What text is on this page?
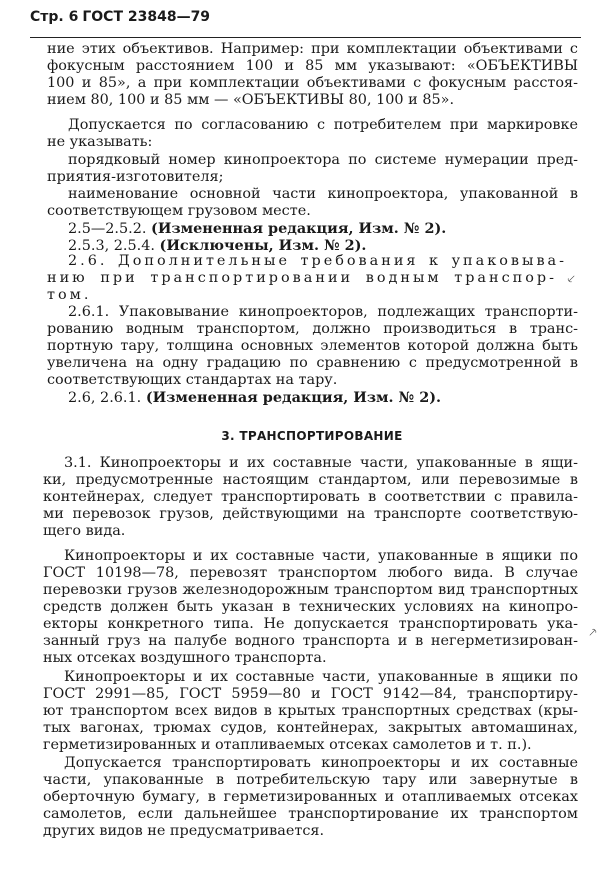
Стр. 6 ГОСТ 23848—79
ние этих объективов. Например: при комплектации объективами с
фокусным расстоянием 100 и 85 мм указывают: «ОБЪЕКТИВЫ
100 и 85», а при комплектации объективами с фокусным расстоя-
нием 80, 100 и 85 мм — «ОБЪЕКТИВЫ 80, 100 и 85».
Допускается по согласованию с потребителем при маркировке
не указывать:
порядковый номер кинопроектора по системе нумерации пред-
приятия-изготовителя;
наименование основной части кинопроектора, упакованной в
соответствующем грузовом месте.
2.5—2.5.2. (Измененная редакция, Изм. № 2).
2.5.3, 2.5.4. (Исключены, Изм. № 2).
2.6. Дополнительные требования к упаковыва-
нию при транспортировании водным транспор-
том.
2.6.1. Упаковывание кинопроекторов, подлежащих транспорти-
рованию водным транспортом, должно производиться в транс-
портную тару, толщина основных элементов которой должна быть
увеличена на одну градацию по сравнению с предусмотренной в
соответствующих стандартах на тару.
2.6, 2.6.1. (Измененная редакция, Изм. № 2).
3. ТРАНСПОРТИРОВАНИЕ
3.1. Кинопроекторы и их составные части, упакованные в ящи-
ки, предусмотренные настоящим стандартом, или перевозимые в
контейнерах, следует транспортировать в соответствии с правила-
ми перевозок грузов, действующими на транспорте соответствую-
щего вида.
Кинопроекторы и их составные части, упакованные в ящики по
ГОСТ 10198—78, перевозят транспортом любого вида. В случае
перевозки грузов железнодорожным транспортом вид транспортных
средств должен быть указан в технических условиях на кинопро-
екторы конкретного типа. Не допускается транспортировать ука-
занный груз на палубе водного транспорта и в негерметизирован-
ных отсеках воздушного транспорта.
Кинопроекторы и их составные части, упакованные в ящики по
ГОСТ 2991—85, ГОСТ 5959—80 и ГОСТ 9142—84, транспортиру-
ют транспортом всех видов в крытых транспортных средствах (кры-
тых вагонах, трюмах судов, контейнерах, закрытых автомашинах,
герметизированных и отапливаемых отсеках самолетов и т. п.).
Допускается транспортировать кинопроекторы и их составные
части, упакованные в потребительскую тару или завернутые в
оберточную бумагу, в герметизированных и отапливаемых отсеках
самолетов, если дальнейшее транспортирование их транспортом
других видов не предусматривается.
⸔
⸕
